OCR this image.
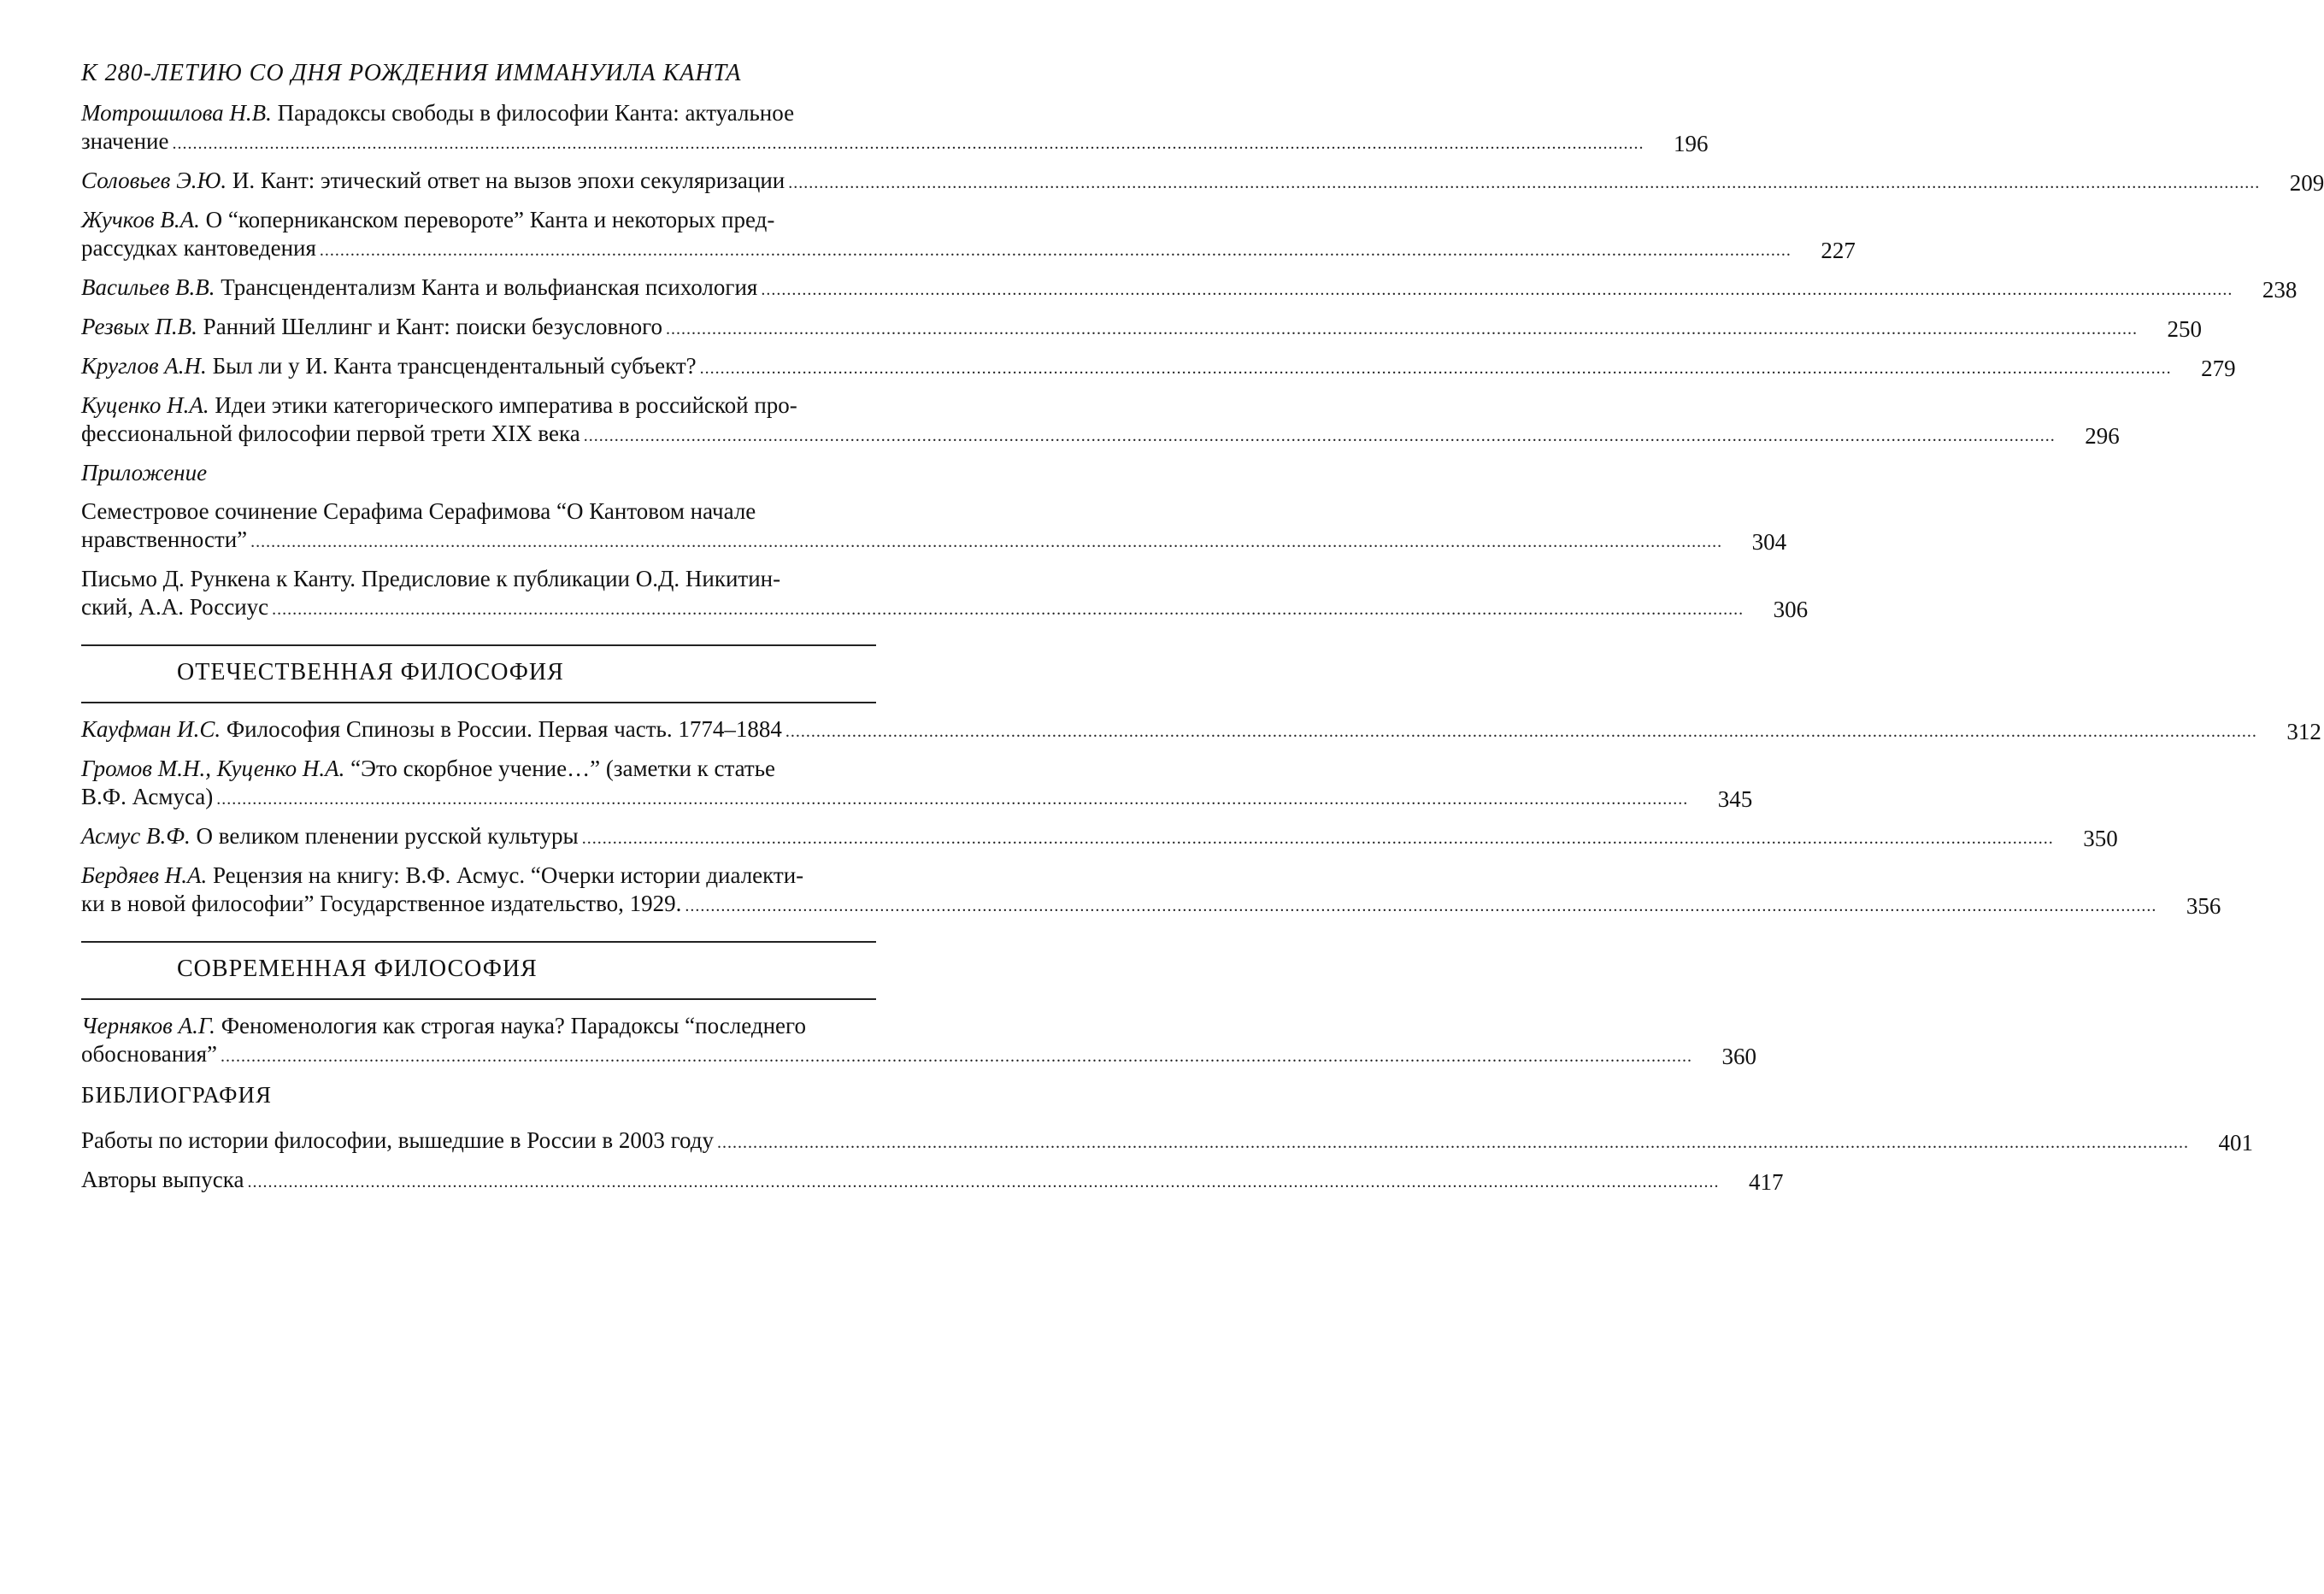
К 280-ЛЕТИЮ СО ДНЯ РОЖДЕНИЯ ИММАНУИЛА КАНТА
Мотрошилова Н.В. Парадоксы свободы в философии Канта: актуальное
значение .....	196
Соловьев Э.Ю. И. Кант: этический ответ на вызов эпохи секуляризации .....	209
Жучков В.А. О “коперниканском перевороте” Канта и некоторых пред-
рассудках кантоведения .....	227
Васильев В.В. Трансцендентализм Канта и вольфианская психология .....	238
Резвых П.В. Ранний Шеллинг и Кант: поиски безусловного .....	250
Круглов А.Н. Был ли у И. Канта трансцендентальный субъект? .....	279
Куценко Н.А. Идеи этики категорического императива в российской про-
фессиональной философии первой трети XIX века .....	296
Приложение
Семестровое сочинение Серафима Серафимова “О Кантовом начале
нравственности” .....	304
Письмо Д. Рункена к Канту. Предисловие к публикации О.Д. Никитин-
ский, А.А. Россиус .....	306
ОТЕЧЕСТВЕННАЯ ФИЛОСОФИЯ
Кауфман И.С. Философия Спинозы в России. Первая часть. 1774–1884 .....	312
Громов М.Н., Куценко Н.А. “Это скорбное учение…” (заметки к статье
В.Ф. Асмуса) .....	345
Асмус В.Ф. О великом пленении русской культуры .....	350
Бердяев Н.А. Рецензия на книгу: В.Ф. Асмус. “Очерки истории диалекти-
ки в новой философии” Государственное издательство, 1929. .....	356
СОВРЕМЕННАЯ ФИЛОСОФИЯ
Черняков А.Г. Феноменология как строгая наука? Парадоксы “последнего
обоснования” .....	360
БИБЛИОГРАФИЯ
Работы по истории философии, вышедшие в России в 2003 году .....	401
Авторы выпуска .....	417
